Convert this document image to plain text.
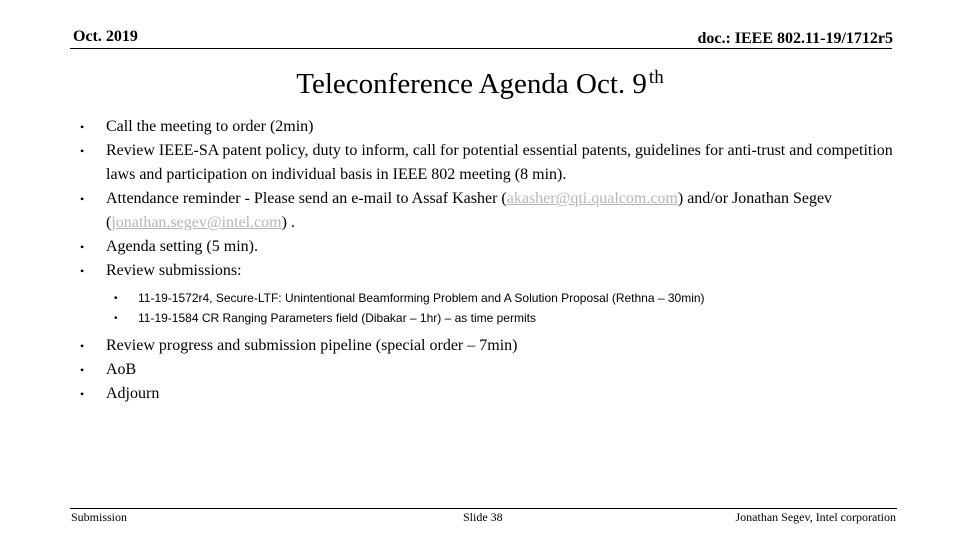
Oct. 2019	doc.: IEEE 802.11-19/1712r5
Teleconference Agenda Oct. 9 $^{th}$
•	Call the meeting to order (2min)
•	Review IEEE-SA patent policy, duty to inform, call for potential essential patents, guidelines for anti-trust and competition laws and participation on individual basis in IEEE 802 meeting (8 min).
•	Attendance reminder - Please send an e-mail to Assaf Kasher (akasher@qti.qualcom.com) and/or Jonathan Segev (jonathan.segev@intel.com) .
•	Agenda setting (5 min).
•	Review submissions:
• 11-19-1572r4, Secure-LTF: Unintentional Beamforming Problem and A Solution Proposal (Rethna – 30min)
• 11-19-1584 CR Ranging Parameters field (Dibakar – 1hr) – as time permits
•	Review progress and submission pipeline (special order – 7min)
•	AoB
•	Adjourn
Submission	Slide 38	Jonathan Segev, Intel corporation
